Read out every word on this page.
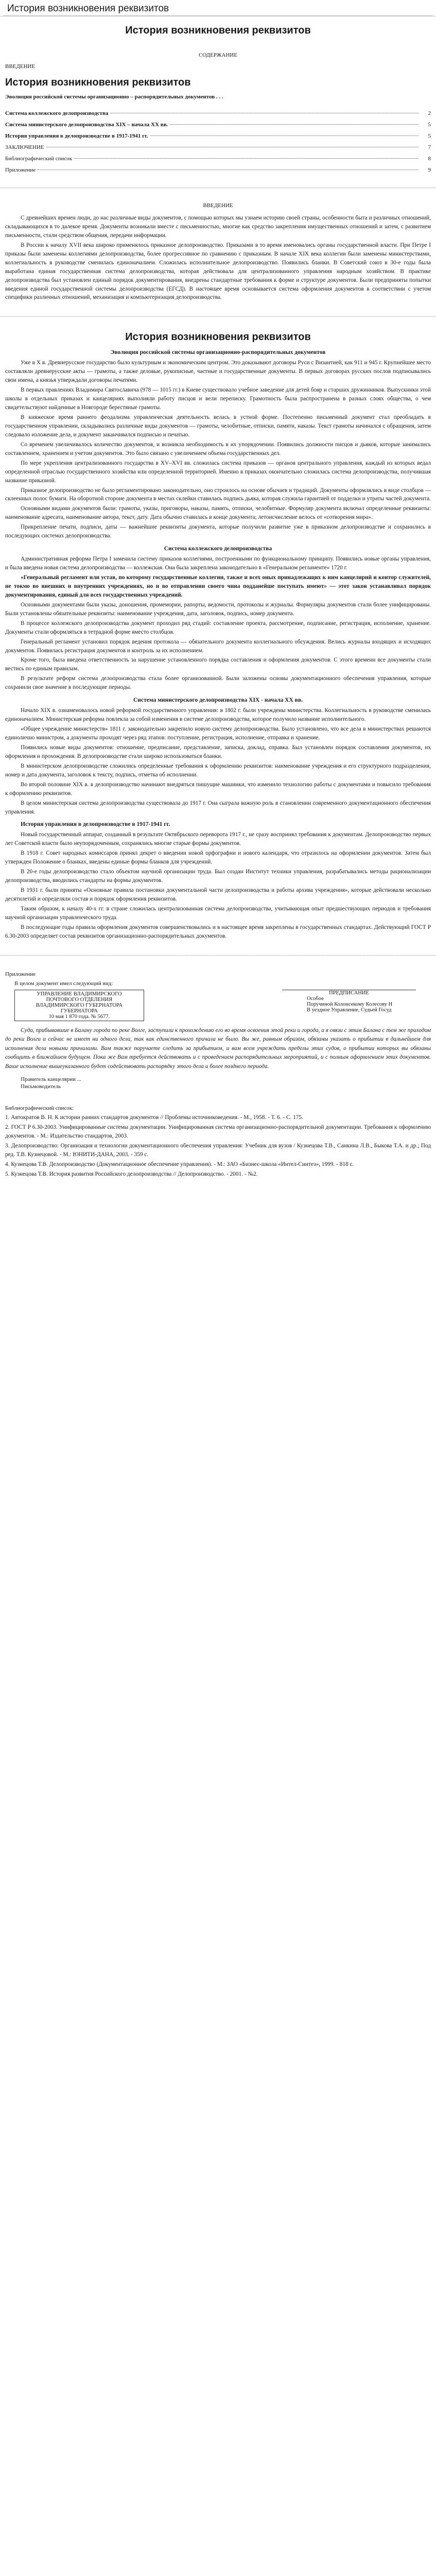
История возникновения реквизитов
История возникновения реквизитов
СОДЕРЖАНИЕ
ВВЕДЕНИЕ
История возникновения реквизитов
Эволюция российской системы организационно – распорядительных документов . . .
Система коллежского делопроизводства	2
Система министерского делопроизводства XIX – начала XX вв.	5
История управления в делопроизводстве в 1917-1941 гг.	5
ЗАКЛЮЧЕНИЕ	7
Библиографический список	8
Приложение	9
ВВЕДЕНИЕ

С древнейших времен люди, до нас различные виды документов, с помощью которых мы узнаем историю своей страны, особенности быта и различных отношений, складывающихся в то далекое время. Документы возникали вместе с письменностью, многие как средство закрепления имущественных отношений и затем, с развитием письменности, стали средством общения, передачи информации.

В России к началу XVII века широко применялось приказное делопроизводство. Приказами в то время именовались органы государственной власти. При Петре I приказы были заменены коллегиями делопроизводства, более прогрессивное по сравнению с приказным. В начале XIX века коллегии были заменены министерствами, коллегиальность в руководстве сменилась единоначалием. Сложилась исполнительное делопроизводство. Появились бланки. В Советский союз в 30-е годы была выработана единая государственная система делопроизводства, которая действовала для централизованного управления народным хозяйством. В практике делопроизводства был установлен единый порядок документирования, внедрены стандартные требования к форме и структуре документов. Были предприняты попытки введения единой государственной системы делопроизводства (ЕГСД). В настоящее время основывается система оформления документов в соответствии с учетом специфики различных отношений, механизация и компьютеризация делопроизводства.

История возникновения реквизитов
Эволюция российской системы организационно-распорядительных документов

Уже в X в. Древнерусское государство было культурным и экономическим центром. Это доказывают договоры Руси с Византией, как 911 и 945 г. Крупнейшее место составляли древнерусские акты — грамоты, а также деловые, рукописные, частные и государственные документы. В первых договорах русских послов подписывались свои имена, а князья утверждали договоры печатями.

В первых правлениях Владимира Святославича (978 — 1015 гг.) в Киеве существовало учебное заведение для детей бояр и старших дружинников. Выпускники этой школы в отдельных приказах и канцеляриях выполняли работу писцов и вели переписку. Грамотность была распространена в разных слоях общества, о чем свидетельствуют найденные в Новгороде берестяные грамоты.

В княжеское время раннего феодализма управленческая деятельность велась в устной форме. Постепенно письменный документ стал преобладать в государственном управлении, складывались различные виды документов — грамоты, челобитные, отписки, памяти, наказы. Текст грамоты начинался с обращения, затем следовало изложение дела, и документ заканчивался подписью и печатью.

Со временем увеличивалось количество документов, и возникла необходимость в их упорядочении. Появились должности писцов и дьяков, которые занимались составлением, хранением и учетом документов. Это было связано с увеличением объема государственных дел.

По мере укрепления централизованного государства в XV–XVI вв. сложилась система приказов — органов центрального управления, каждый из которых ведал определенной отраслью государственного хозяйства или определенной территорией. Именно в приказах окончательно сложилась система делопроизводства, получившая название приказной.

Приказное делопроизводство не было регламентировано законодательно, оно строилось на основе обычаев и традиций. Документы оформлялись в виде столбцов — склеенных полос бумаги. На оборотной стороне документа в местах склейки ставилась подпись дьяка, которая служила гарантией от подделки и утраты частей документа.

Основными видами документов были: грамоты, указы, приговоры, наказы, память, отписки, челобитные. Формуляр документа включал определенные реквизиты: наименование адресата, наименование автора, текст, дату. Дата обычно ставилась в конце документа; летоисчисление велось от «сотворения мира».

Прикрепление печати, подписи, даты — важнейшие реквизиты документа, которые получили развитие уже в приказном делопроизводстве и сохранились в последующих системах делопроизводства.

Система коллежского делопроизводства

Административная реформа Петра I заменила систему приказов коллегиями, построенными по функциональному принципу. Появились новые органы управления, и была введена новая система делопроизводства — коллежская. Она была закреплена законодательно в «Генеральном регламенте» 1720 г.

«Генеральный регламент или устав, по которому государственные коллегии, также и всех оных принадлежащих к ним канцелярий и контор служителей, не токмо во внешних и внутренних учреждениях, но и во отправлении своего чина подданейше поступать имеют» — этот закон устанавливал порядок документирования, единый для всех государственных учреждений.

Основными документами были указы, доношения, промемории, рапорты, ведомости, протоколы и журналы. Формуляры документов стали более унифицированы. Были установлены обязательные реквизиты: наименование учреждения, дата, заголовок, подпись, номер документа.

В процессе коллежского делопроизводства документ проходил ряд стадий: составление проекта, рассмотрение, подписание, регистрация, исполнение, хранение. Документы стали оформляться в тетрадной форме вместо столбцов.

Генеральный регламент установил порядок ведения протокола — обязательного документа коллегиального обсуждения. Велись журналы входящих и исходящих документов. Появилась регистрация документов и контроль за их исполнением.

Кроме того, была введена ответственность за нарушение установленного порядка составления и оформления документов. С этого времени все документы стали вестись по единым правилам.

В результате реформ система делопроизводства стала более организованной. Были заложены основы документационного обеспечения управления, которые сохранили свое значение в последующие периоды.

Система министерского делопроизводства XIX - начала XX вв.

Начало XIX в. ознаменовалось новой реформой государственного управления: в 1802 г. были учреждены министерства. Коллегиальность в руководстве сменилась единоначалием. Министерская реформа повлекла за собой изменения в системе делопроизводства, которое получило название исполнительного.

«Общее учреждение министерств» 1811 г. законодательно закрепило новую систему делопроизводства. Было установлено, что все дела в министерствах решаются единолично министром, а документы проходят через ряд этапов: поступление, регистрация, исполнение, отправка и хранение.

Появились новые виды документов: отношение, предписание, представление, записка, доклад, справка. Был установлен порядок составления документов, их оформления и прохождения. В делопроизводстве стали широко использоваться бланки.

В министерском делопроизводстве сложились определенные требования к оформлению реквизитов: наименование учреждения и его структурного подразделения, номер и дата документа, заголовок к тексту, подпись, отметка об исполнении.

Во второй половине XIX в. в делопроизводство начинают внедряться пишущие машинки, что изменило технологию работы с документами и повысило требования к оформлению реквизитов.

В целом министерская система делопроизводства существовала до 1917 г. Она сыграла важную роль в становлении современного документационного обеспечения управления.

История управления в делопроизводстве в 1917-1941 гг.

Новый государственный аппарат, созданный в результате Октябрьского переворота 1917 г., не сразу воспринял требования к документам. Делопроизводство первых лет Советской власти было неупорядоченным, сохранялись многие старые формы документов.

В 1918 г. Совет народных комиссаров принял декрет о введении новой орфографии и нового календаря, что отразилось на оформлении документов. Затем был утвержден Положение о бланках, введены единые формы бланков для учреждений.

В 20-е годы делопроизводство стало объектом научной организации труда. Был создан Институт техники управления, разрабатывались методы рационализации делопроизводства, вводились стандарты на формы документов.

В 1931 г. были приняты «Основные правила постановки документальной части делопроизводства и работы архива учреждения», которые действовали несколько десятилетий и определяли состав и порядок оформления реквизитов.

Таким образом, к началу 40-х гг. в стране сложилась централизованная система делопроизводства, учитывающая опыт предшествующих периодов и требования научной организации управленческого труда.

В последующие годы правила оформления документов совершенствовались и в настоящее время закреплены в государственных стандартах. Действующий ГОСТ Р 6.30-2003 определяет состав реквизитов организационно-распорядительных документов.

Приложение
В целом документ имел следующий вид:
УПРАВЛЕНИЕ ВЛАДИМИРСКОГО
ПОЧТОВОГО ОТДЕЛЕНИЯ
ВЛАДИМИРСКОГО ГУБЕРНАТОРА
ГУБЕРНАТОРА
10 мая 1 870 года. № 5677.

ПРЕДПИСАНИЕ
Особое
Поручиной Колонсекому Колесову Н
В уездное Управление, Судьей Госуд

Суда, прибывавшие в Балану города по реке Волге, заступили к прохождению его во время освоения этой реки и города, а в связи с этим Балана с тем же приходом до реки Волги и сейчас не имеет ни одного дела, так как единственного причала не было. Вы же, равным образом, обязаны указать о прибытии в дальнейшем для исполнения дела новыми причалами. Вам также поручаете следить за прибытием, и вам всем учреждать пределы этих судов, о прибытии которых вы обязаны сообщить в ближайшем будущем. Пока же Вам требуется действовать и с проведением распорядительных мероприятий, и с полным оформлением этих документов. Ваше исполнение вышеуказанного будет содействовать распорядку этого дела и более позднего периода.

Правитель канцелярии ...
Письмоводитель
Библиографический список:
1. Автократов В. Н. К истории ранних стандартов документов // Проблемы источниковедения. - М., 1958. - Т. 6. - С. 175.
2. ГОСТ Р 6.30-2003. Унифицированные системы документации. Унифицированная система организационно-распорядительной документации. Требования к оформлению документов. - М.: Издательство стандартов, 2003.
3. Делопроизводство: Организация и технологии документационного обеспечения управления: Учебник для вузов / Кузнецова Т.В., Санкина Л.В., Быкова Т.А. и др.; Под ред. Т.В. Кузнецовой. - М.: ЮНИТИ-ДАНА, 2003. - 359 с.
4. Кузнецова Т.В. Делопроизводство (Документационное обеспечение управления). - М.: ЗАО «Бизнес-школа «Интел-Синтез», 1999. - 818 с.
5. Кузнецова Т.В. История развития Российского делопроизводства // Делопроизводство. - 2001. - №2.
